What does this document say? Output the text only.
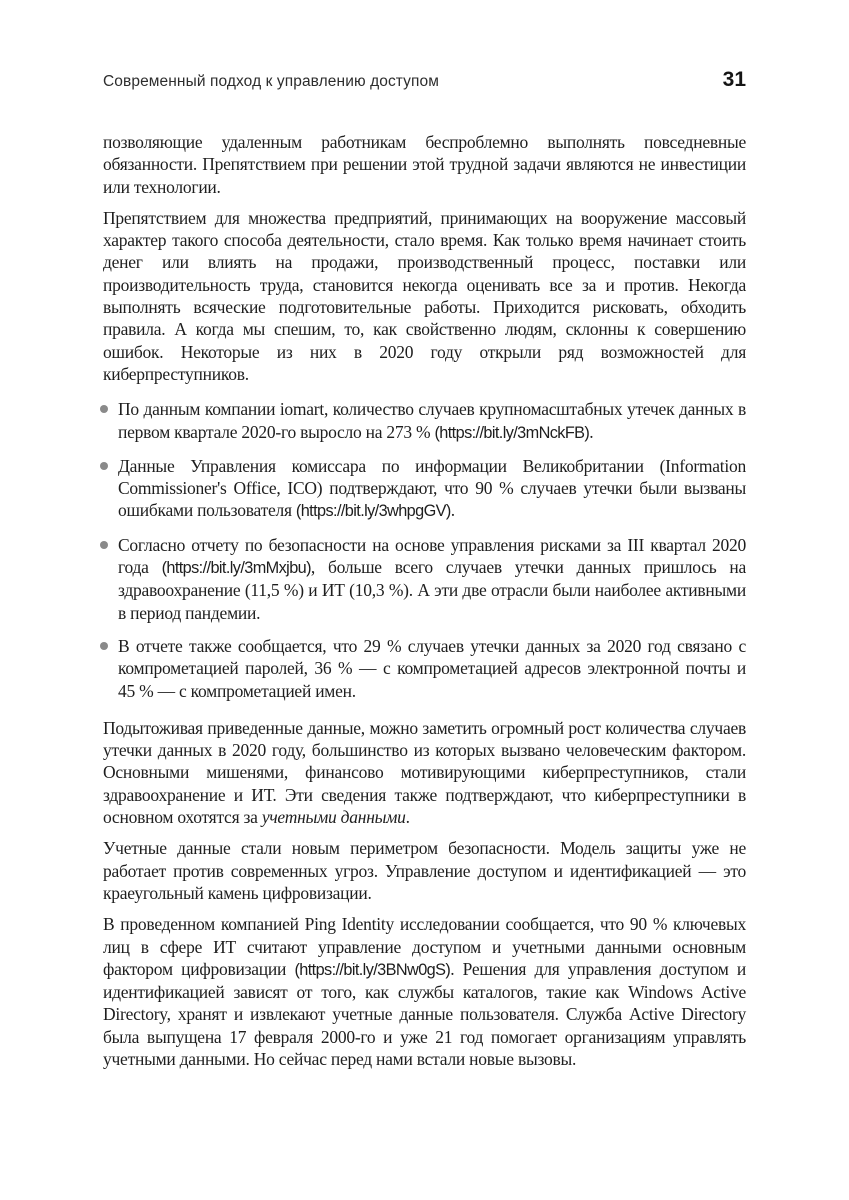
Современный подход к управлению доступом	31

позволяющие удаленным работникам беспроблемно выполнять повседневные обязанности. Препятствием при решении этой трудной задачи являются не инвестиции или технологии.

Препятствием для множества предприятий, принимающих на вооружение массовый характер такого способа деятельности, стало время. Как только время начинает стоить денег или влиять на продажи, производственный процесс, поставки или производительность труда, становится некогда оценивать все за и против. Некогда выполнять всяческие подготовительные работы. Приходится рисковать, обходить правила. А когда мы спешим, то, как свойственно людям, склонны к совершению ошибок. Некоторые из них в 2020 году открыли ряд возможностей для киберпреступников.

По данным компании iomart, количество случаев крупномасштабных утечек данных в первом квартале 2020-го выросло на 273 % (https://bit.ly/3mNckFB).
Данные Управления комиссара по информации Великобритании (Information Commissioner's Office, ICO) подтверждают, что 90 % случаев утечки были вызваны ошибками пользователя (https://bit.ly/3whpgGV).
Согласно отчету по безопасности на основе управления рисками за III квартал 2020 года (https://bit.ly/3mMxjbu), больше всего случаев утечки данных пришлось на здравоохранение (11,5 %) и ИТ (10,3 %). А эти две отрасли были наиболее активными в период пандемии.
В отчете также сообщается, что 29 % случаев утечки данных за 2020 год связано с компрометацией паролей, 36 % — с компрометацией адресов электронной почты и 45 % — с компрометацией имен.

Подытоживая приведенные данные, можно заметить огромный рост количества случаев утечки данных в 2020 году, большинство из которых вызвано человеческим фактором. Основными мишенями, финансово мотивирующими киберпреступников, стали здравоохранение и ИТ. Эти сведения также подтверждают, что киберпреступники в основном охотятся за учетными данными.

Учетные данные стали новым периметром безопасности. Модель защиты уже не работает против современных угроз. Управление доступом и идентификацией — это краеугольный камень цифровизации.

В проведенном компанией Ping Identity исследовании сообщается, что 90 % ключевых лиц в сфере ИТ считают управление доступом и учетными данными основным фактором цифровизации (https://bit.ly/3BNw0gS). Решения для управления доступом и идентификацией зависят от того, как службы каталогов, такие как Windows Active Directory, хранят и извлекают учетные данные пользователя. Служба Active Directory была выпущена 17 февраля 2000-го и уже 21 год помогает организациям управлять учетными данными. Но сейчас перед нами встали новые вызовы.
